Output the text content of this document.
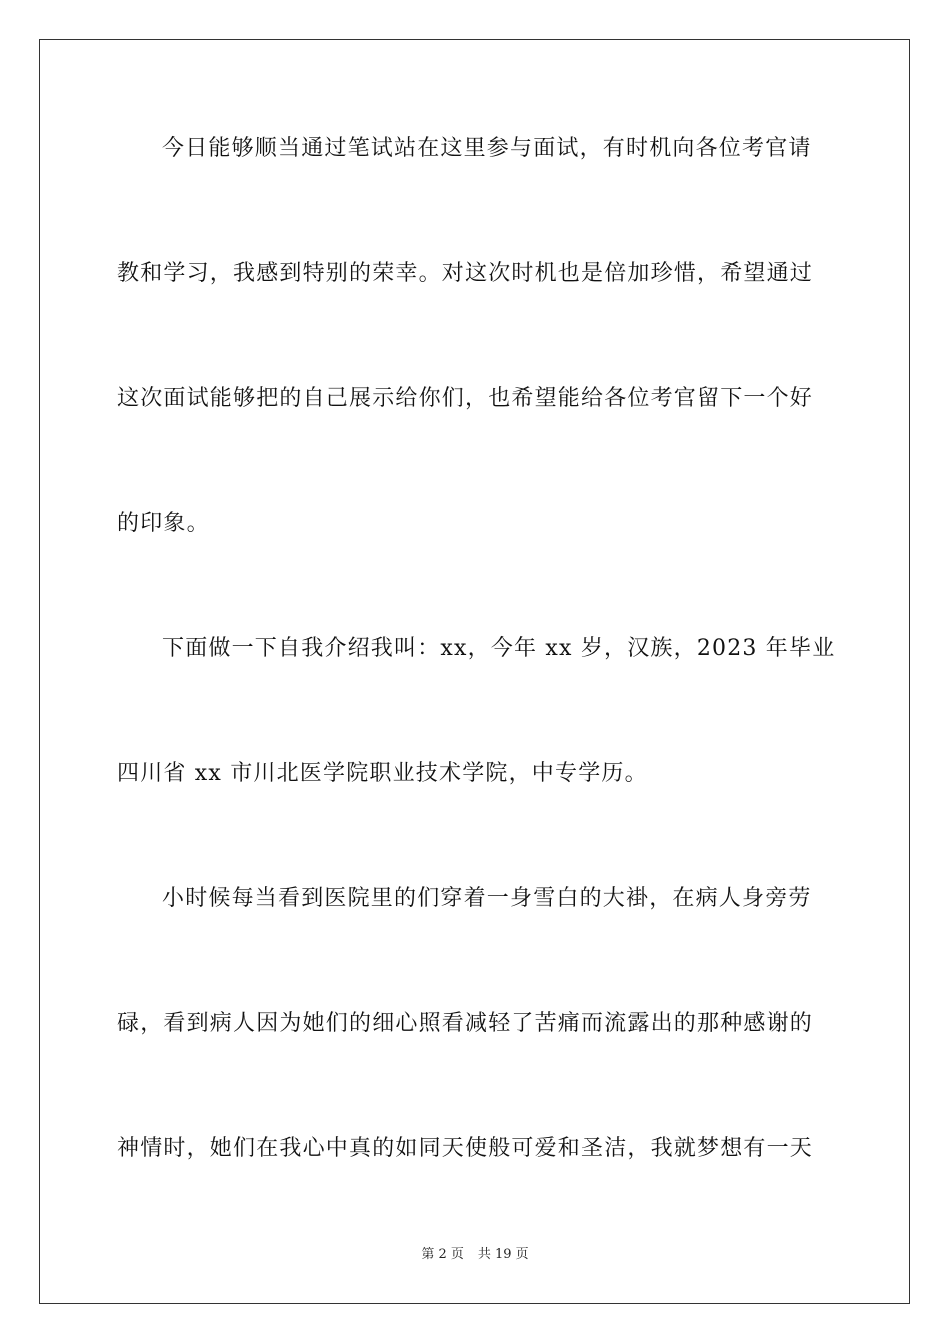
今日能够顺当通过笔试站在这里参与面试，有时机向各位考官请
教和学习，我感到特别的荣幸。对这次时机也是倍加珍惜，希望通过
这次面试能够把的自己展示给你们，也希望能给各位考官留下一个好
的印象。
下面做一下自我介绍我叫：xx，今年 xx 岁，汉族，2023 年毕业
四川省 xx 市川北医学院职业技术学院，中专学历。
小时候每当看到医院里的们穿着一身雪白的大褂，在病人身旁劳
碌，看到病人因为她们的细心照看减轻了苦痛而流露出的那种感谢的
神情时，她们在我心中真的如同天使般可爱和圣洁，我就梦想有一天
第 2 页 共 19 页
